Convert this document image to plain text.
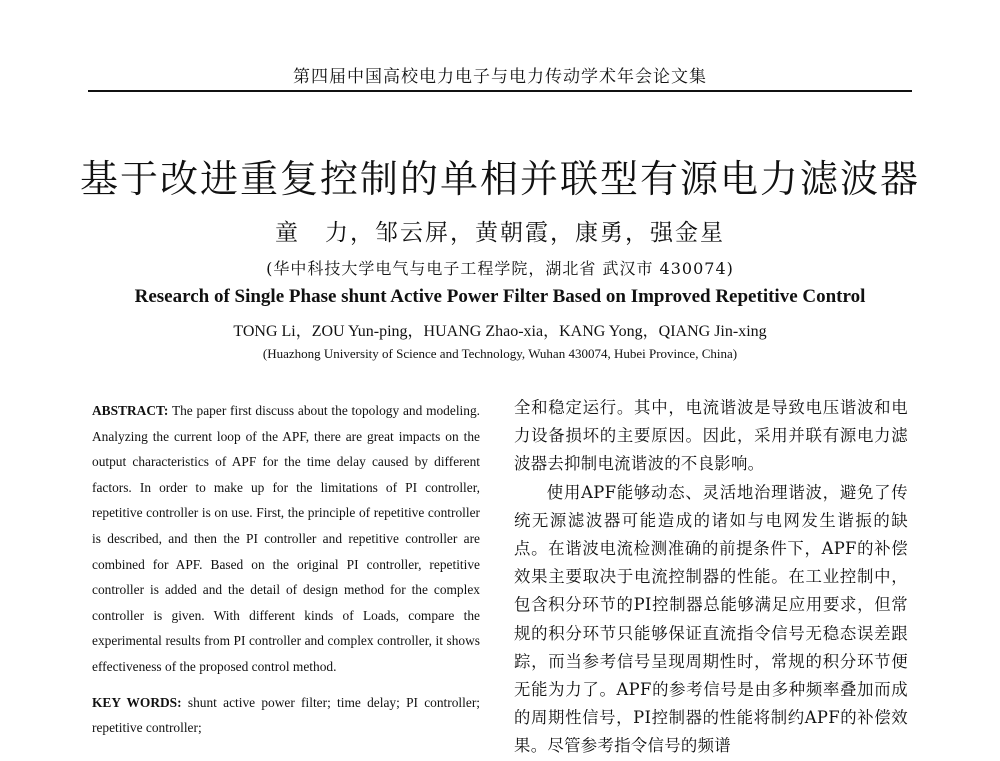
第四届中国高校电力电子与电力传动学术年会论文集
基于改进重复控制的单相并联型有源电力滤波器
童　力，邹云屏，黄朝霞，康勇，强金星
(华中科技大学电气与电子工程学院，湖北省 武汉市 430074)
Research of Single Phase shunt Active Power Filter Based on Improved Repetitive Control
TONG Li，ZOU Yun-ping，HUANG Zhao-xia，KANG Yong，QIANG Jin-xing
(Huazhong University of Science and Technology, Wuhan 430074, Hubei Province, China)

ABSTRACT: The paper first discuss about the topology and modeling. Analyzing the current loop of the APF, there are great impacts on the output characteristics of APF for the time delay caused by different factors. In order to make up for the limitations of PI controller, repetitive controller is on use. First, the principle of repetitive controller is described, and then the PI controller and repetitive controller are combined for APF. Based on the original PI controller, repetitive controller is added and the detail of design method for the complex controller is given. With different kinds of Loads, compare the experimental results from PI controller and complex controller, it shows effectiveness of the proposed control method.

KEY WORDS: shunt active power filter; time delay; PI controller; repetitive controller;

全和稳定运行。其中，电流谐波是导致电压谐波和电力设备损坏的主要原因。因此，采用并联有源电力滤波器去抑制电流谐波的不良影响。

使用APF能够动态、灵活地治理谐波，避免了传统无源滤波器可能造成的诸如与电网发生谐振的缺点。在谐波电流检测准确的前提条件下，APF的补偿效果主要取决于电流控制器的性能。在工业控制中，包含积分环节的PI控制器总能够满足应用要求，但常规的积分环节只能够保证直流指令信号无稳态误差跟踪，而当参考信号呈现周期性时，常规的积分环节便无能为力了。APF的参考信号是由多种频率叠加而成的周期性信号，PI控制器的性能将制约APF的补偿效果。尽管参考指令信号的频谱
